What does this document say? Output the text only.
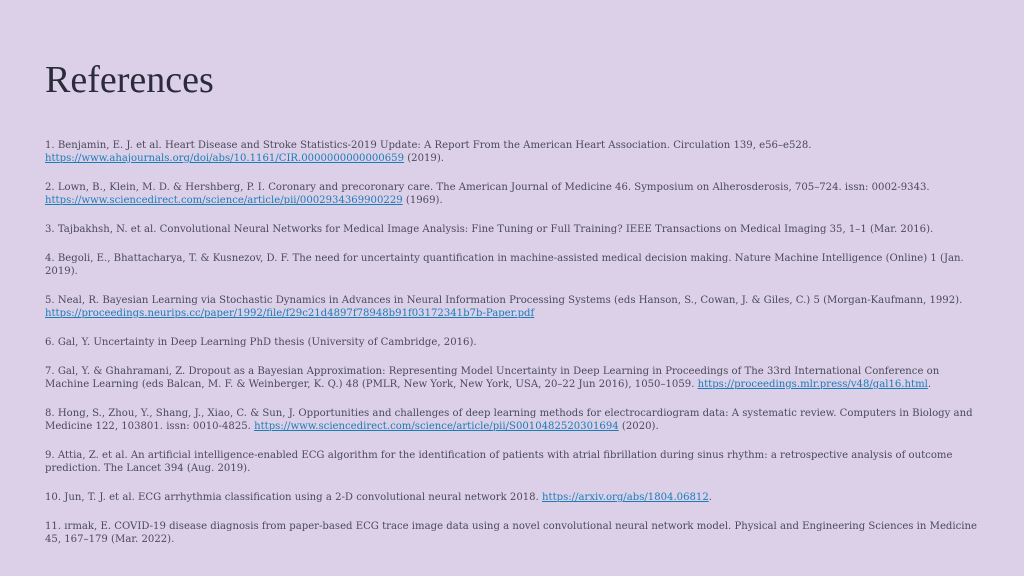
References
1. Benjamin, E. J. et al. Heart Disease and Stroke Statistics-2019 Update: A Report From the American Heart Association. Circulation 139, e56–e528. https://www.ahajournals.org/doi/abs/10.1161/CIR.0000000000000659 (2019).
2. Lown, B., Klein, M. D. & Hershberg, P. I. Coronary and precoronary care. The American Journal of Medicine 46. Symposium on Alherosderosis, 705–724. issn: 0002-9343. https://www.sciencedirect.com/science/article/pii/0002934369900229 (1969).
3. Tajbakhsh, N. et al. Convolutional Neural Networks for Medical Image Analysis: Fine Tuning or Full Training? IEEE Transactions on Medical Imaging 35, 1–1 (Mar. 2016).
4. Begoli, E., Bhattacharya, T. & Kusnezov, D. F. The need for uncertainty quantification in machine-assisted medical decision making. Nature Machine Intelligence (Online) 1 (Jan. 2019).
5. Neal, R. Bayesian Learning via Stochastic Dynamics in Advances in Neural Information Processing Systems (eds Hanson, S., Cowan, J. & Giles, C.) 5 (Morgan-Kaufmann, 1992). https://proceedings.neurips.cc/paper/1992/file/f29c21d4897f78948b91f03172341b7b-Paper.pdf
6. Gal, Y. Uncertainty in Deep Learning PhD thesis (University of Cambridge, 2016).
7. Gal, Y. & Ghahramani, Z. Dropout as a Bayesian Approximation: Representing Model Uncertainty in Deep Learning in Proceedings of The 33rd International Conference on Machine Learning (eds Balcan, M. F. & Weinberger, K. Q.) 48 (PMLR, New York, New York, USA, 20–22 Jun 2016), 1050–1059. https://proceedings.mlr.press/v48/gal16.html.
8. Hong, S., Zhou, Y., Shang, J., Xiao, C. & Sun, J. Opportunities and challenges of deep learning methods for electrocardiogram data: A systematic review. Computers in Biology and Medicine 122, 103801. issn: 0010-4825. https://www.sciencedirect.com/science/article/pii/S0010482520301694 (2020).
9. Attia, Z. et al. An artificial intelligence-enabled ECG algorithm for the identification of patients with atrial fibrillation during sinus rhythm: a retrospective analysis of outcome prediction. The Lancet 394 (Aug. 2019).
10. Jun, T. J. et al. ECG arrhythmia classification using a 2-D convolutional neural network 2018. https://arxiv.org/abs/1804.06812.
11. ırmak, E. COVID-19 disease diagnosis from paper-based ECG trace image data using a novel convolutional neural network model. Physical and Engineering Sciences in Medicine 45, 167–179 (Mar. 2022).
